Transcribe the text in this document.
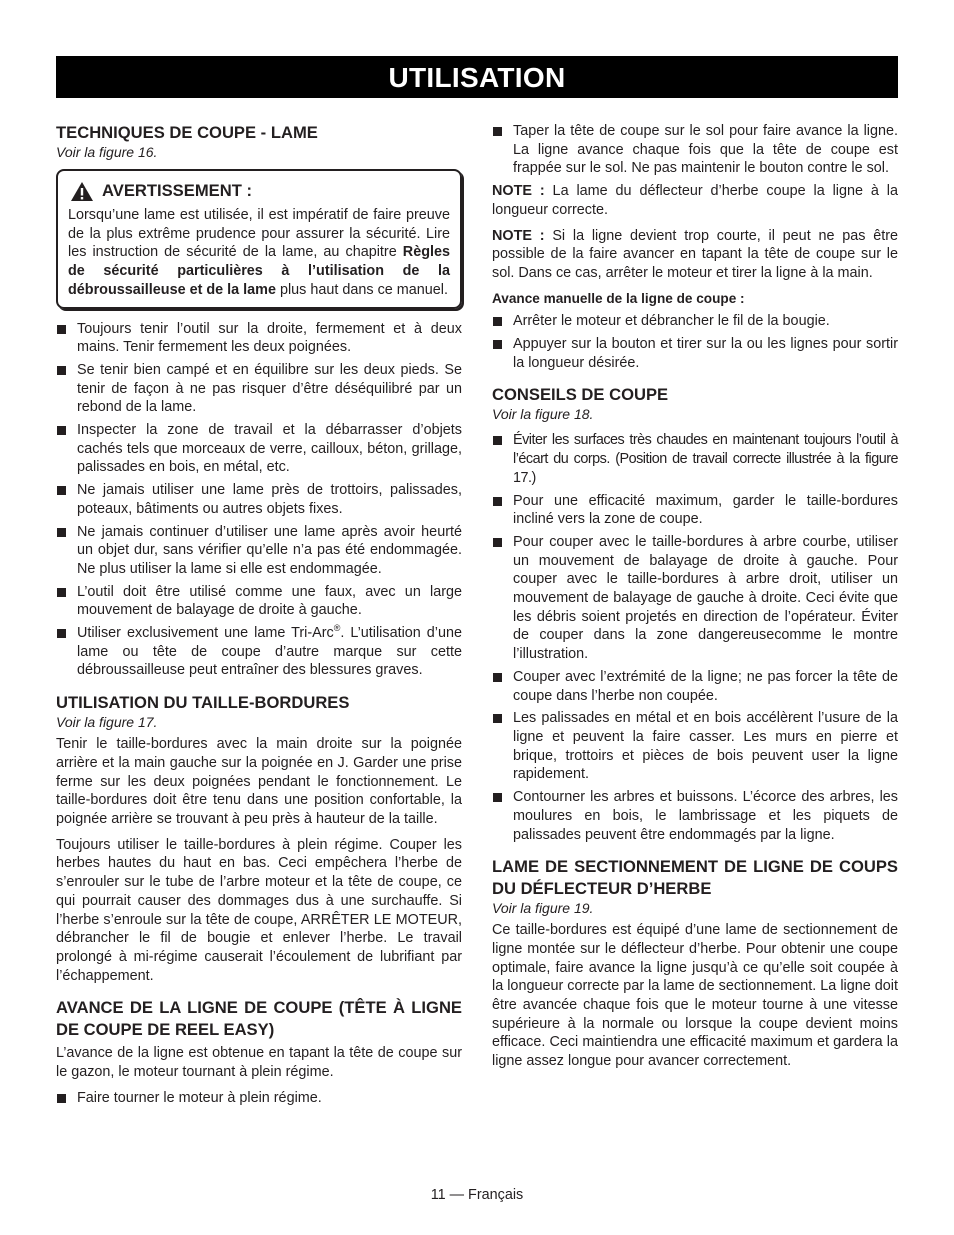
UTILISATION
TECHNIQUES DE COUPE - LAME
Voir la figure 16.
AVERTISSEMENT :

Lorsqu’une lame est utilisée, il est impératif de faire preuve de la plus extrême prudence pour assurer la sécurité. Lire les instruction de sécurité de la lame, au chapitre Règles de sécurité particulières à l’utilisation de la débroussailleuse et de la lame plus haut dans ce manuel.

Toujours tenir l’outil sur la droite, fermement et à deux mains. Tenir fermement les deux poignées.
Se tenir bien campé et en équilibre sur les deux pieds. Se tenir de façon à ne pas risquer d’être déséquilibré par un rebond de la lame.
Inspecter la zone de travail et la débarrasser d’objets cachés tels que morceaux de verre, cailloux, béton, grillage, palissades en bois, en métal, etc.
Ne jamais utiliser une lame près de trottoirs, palissades, poteaux, bâtiments ou autres objets fixes.
Ne jamais continuer d’utiliser une lame après avoir heurté un objet dur, sans vérifier qu’elle n’a pas été endommagée. Ne plus utiliser la lame si elle est endommagée.
L’outil doit être utilisé comme une faux, avec un large mouvement de balayage de droite à gauche.
Utiliser exclusivement une lame Tri-Arc®. L’utilisation d’une lame ou tête de coupe d’autre marque sur cette débroussailleuse peut entraîner des blessures graves.
UTILISATION DU TAILLE-BORDURES
Voir la figure 17.

Tenir le taille-bordures avec la main droite sur la poignée arrière et la main gauche sur la poignée en J. Garder une prise ferme sur les deux poignées pendant le fonctionnement. Le taille-bordures doit être tenu dans une position confortable, la poignée arrière se trouvant à peu près à hauteur de la taille.

Toujours utiliser le taille-bordures à plein régime. Couper les herbes hautes du haut en bas. Ceci empêchera l’herbe de s’enrouler sur le tube de l’arbre moteur et la tête de coupe, ce qui pourrait causer des dommages dus à une surchauffe. Si l’herbe s’enroule sur la tête de coupe, ARRÊTER LE MOTEUR, débrancher le fil de bougie et enlever l’herbe. Le travail prolongé à mi-régime causerait l’écoulement de lubrifiant par l’échappement.

AVANCE DE LA LIGNE DE COUPE (TÊTE À LIGNE DE COUPE DE REEL EASY)

L’avance de la ligne est obtenue en tapant la tête de coupe sur le gazon, le moteur tournant à plein régime.

Faire tourner le moteur à plein régime.
Taper la tête de coupe sur le sol pour faire avance la ligne. La ligne avance chaque fois que la tête de coupe est frappée sur le sol. Ne pas maintenir le bouton contre le sol.

NOTE : La lame du déflecteur d’herbe coupe la ligne à la longueur correcte.

NOTE : Si la ligne devient trop courte, il peut ne pas être possible de la faire avancer en tapant la tête de coupe sur le sol. Dans ce cas, arrêter le moteur et tirer la ligne à la main.

Avance manuelle de la ligne de coupe :

Arrêter le moteur et débrancher le fil de la bougie.
Appuyer sur la bouton et tirer sur la ou les lignes pour sortir la longueur désirée.
CONSEILS DE COUPE
Voir la figure 18.
Éviter les surfaces très chaudes en maintenant toujours l’outil à l’écart du corps. (Position de travail correcte illustrée à la figure 17.)
Pour une efficacité maximum, garder le taille-bordures incliné vers la zone de coupe.
Pour couper avec le taille-bordures à arbre courbe, utiliser un mouvement de balayage de droite à gauche. Pour couper avec le taille-bordures à arbre droit, utiliser un mouvement de balayage de gauche à droite. Ceci évite que les débris soient projetés en direction de l’opérateur. Éviter de couper dans la zone dangereusecomme le montre l’illustration.
Couper avec l’extrémité de la ligne; ne pas forcer la tête de coupe dans l’herbe non coupée.
Les palissades en métal et en bois accélèrent l’usure de la ligne et peuvent la faire casser. Les murs en pierre et brique, trottoirs et pièces de bois peuvent user la ligne rapidement.
Contourner les arbres et buissons. L’écorce des arbres, les moulures en bois, le lambrissage et les piquets de palissades peuvent être endommagés par la ligne.
LAME DE SECTIONNEMENT DE LIGNE DE COUPS DU DÉFLECTEUR D’HERBE
Voir la figure 19.

Ce taille-bordures est équipé d’une lame de sectionnement de ligne montée sur le déflecteur d’herbe. Pour obtenir une coupe optimale, faire avance la ligne jusqu’à ce qu’elle soit coupée à la longueur correcte par la lame de sectionnement. La ligne doit être avancée chaque fois que le moteur tourne à une vitesse supérieure à la normale ou lorsque la coupe devient moins efficace. Ceci maintiendra une efficacité maximum et gardera la ligne assez longue pour avancer correctement.

11 — Français
